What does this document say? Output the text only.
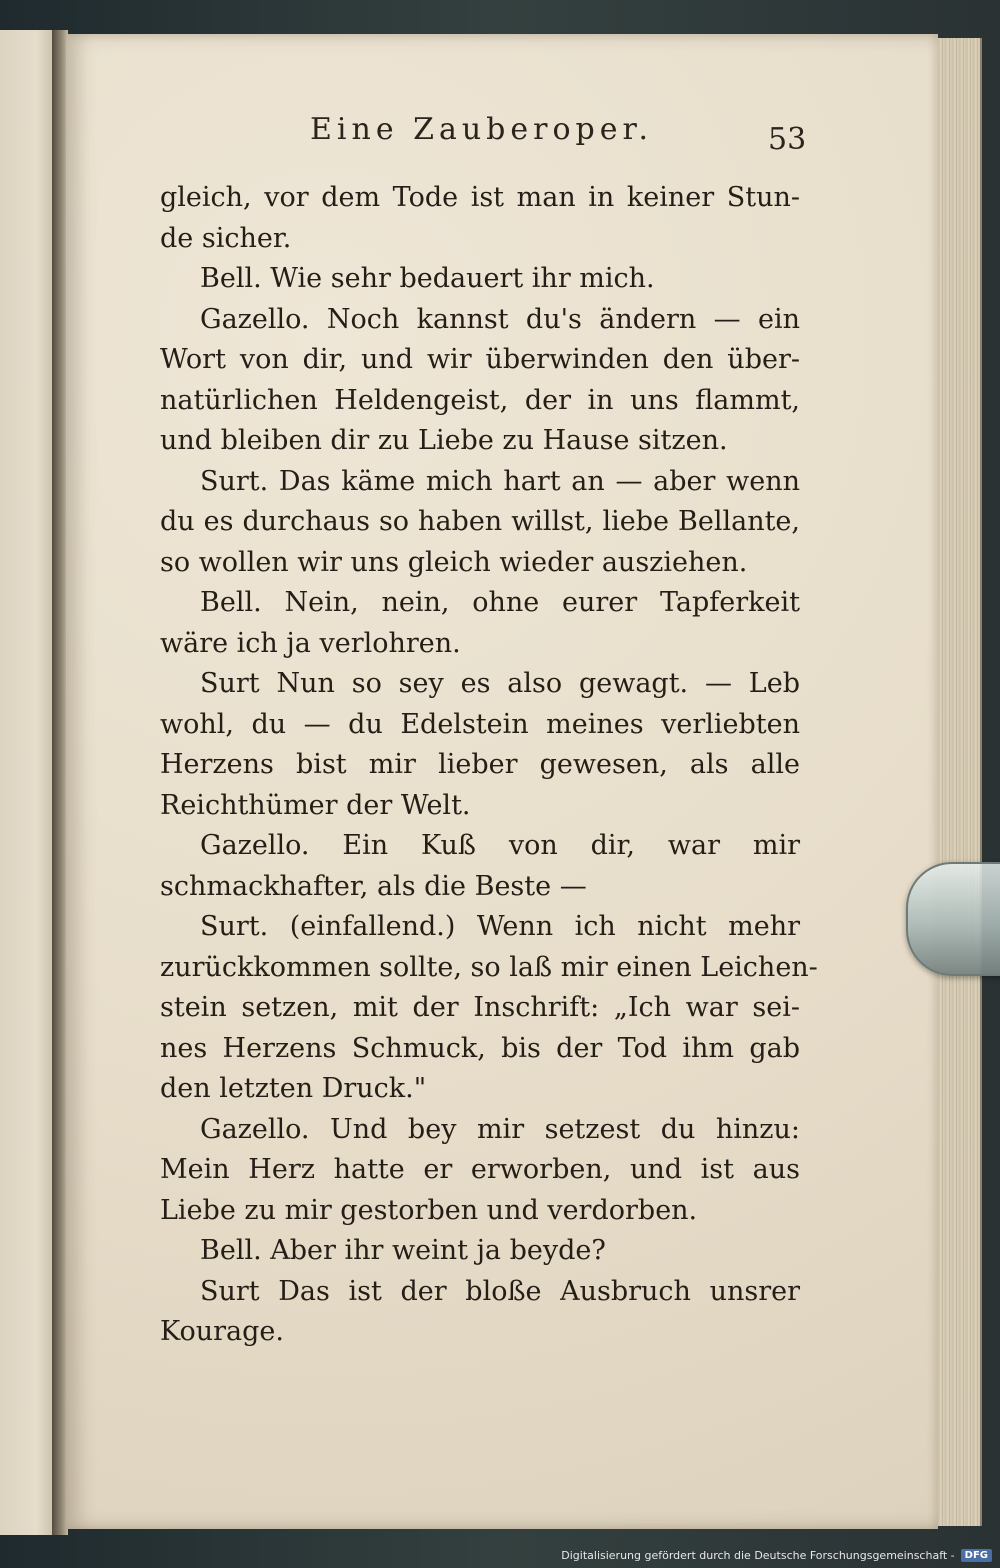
Eine Zauberoper.	53
gleich, vor dem Tode ist man in keiner Stun-
de sicher.
Bell. Wie sehr bedauert ihr mich.
Gazello. Noch kannst du's ändern — ein
Wort von dir, und wir überwinden den über-
natürlichen Heldengeist, der in uns flammt,
und bleiben dir zu Liebe zu Hause sitzen.
Surt. Das käme mich hart an — aber wenn
du es durchaus so haben willst, liebe Bellante,
so wollen wir uns gleich wieder ausziehen.
Bell. Nein, nein, ohne eurer Tapferkeit
wäre ich ja verlohren.
Surt Nun so sey es also gewagt. — Leb
wohl, du — du Edelstein meines verliebten
Herzens bist mir lieber gewesen, als alle
Reichthümer der Welt.
Gazello. Ein Kuß von dir, war mir
schmackhafter, als die Beste —
Surt. (einfallend.) Wenn ich nicht mehr
zurückkommen sollte, so laß mir einen Leichen-
stein setzen, mit der Inschrift: „Ich war sei-
nes Herzens Schmuck, bis der Tod ihm gab
den letzten Druck."
Gazello. Und bey mir setzest du hinzu:
Mein Herz hatte er erworben, und ist aus
Liebe zu mir gestorben und verdorben.
Bell. Aber ihr weint ja beyde?
Surt Das ist der bloße Ausbruch unsrer
Kourage.
Digitalisierung gefördert durch die Deutsche Forschungsgemeinschaft -	DFG
